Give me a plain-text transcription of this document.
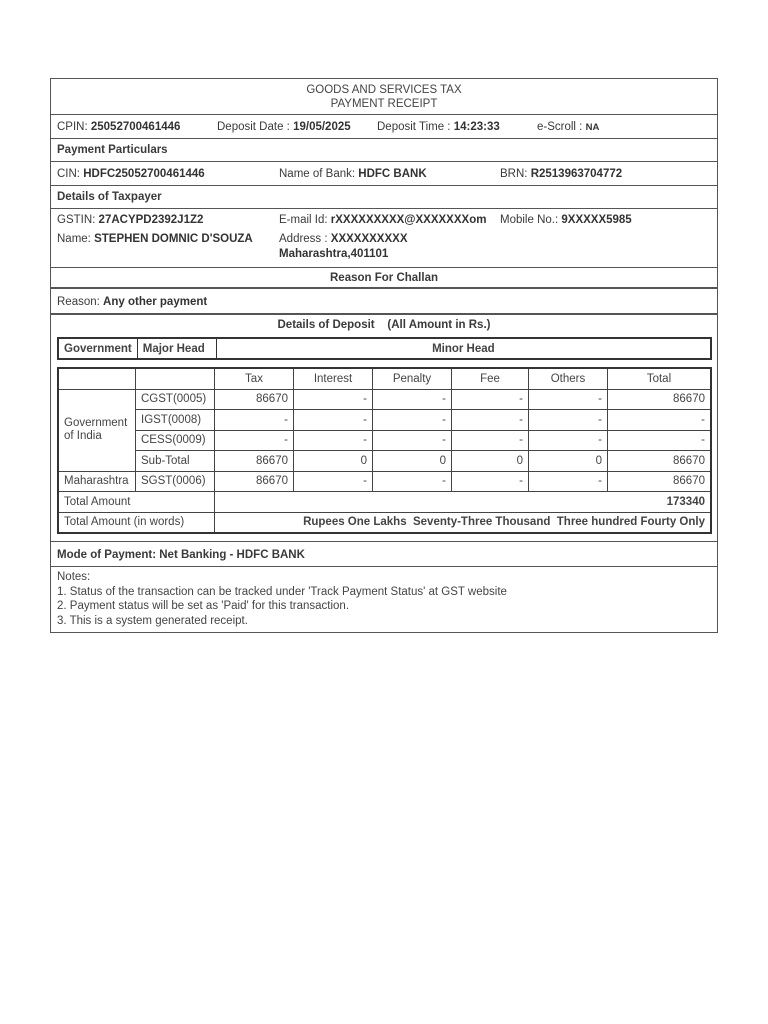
GOODS AND SERVICES TAX
PAYMENT RECEIPT
CPIN: 25052700461446	Deposit Date : 19/05/2025 Deposit Time : 14:23:33	e-Scroll : NA
Payment Particulars
CIN: HDFC25052700461446	Name of Bank: HDFC BANK	BRN: R2513963704772
Details of Taxpayer
GSTIN: 27ACYPD2392J1Z2	E-mail Id: rXXXXXXXXX@XXXXXXXom Mobile No.: 9XXXXX5985
Name: STEPHEN DOMNIC D'SOUZA Address : XXXXXXXXXX
Maharashtra,401101
Reason For Challan
Reason: Any other payment
Details of Deposit    (All Amount in Rs.)
Government	Major Head	Minor Head
		Tax	Interest	Penalty	Fee	Others	Total
Government of India	CGST(0005)	86670	-	-	-	-	86670
	IGST(0008)	-	-	-	-	-	-
	CESS(0009)	-	-	-	-	-	-
	Sub-Total	86670	0	0	0	0	86670
Maharashtra	SGST(0006)	86670	-	-	-	-	86670
Total Amount		173340					
Total Amount (in words)		Rupees One Lakhs  Seventy-Three Thousand  Three hundred Fourty Only					
Mode of Payment: Net Banking - HDFC BANK
Notes:
1. Status of the transaction can be tracked under 'Track Payment Status' at GST website
2. Payment status will be set as 'Paid' for this transaction.
3. This is a system generated receipt.
